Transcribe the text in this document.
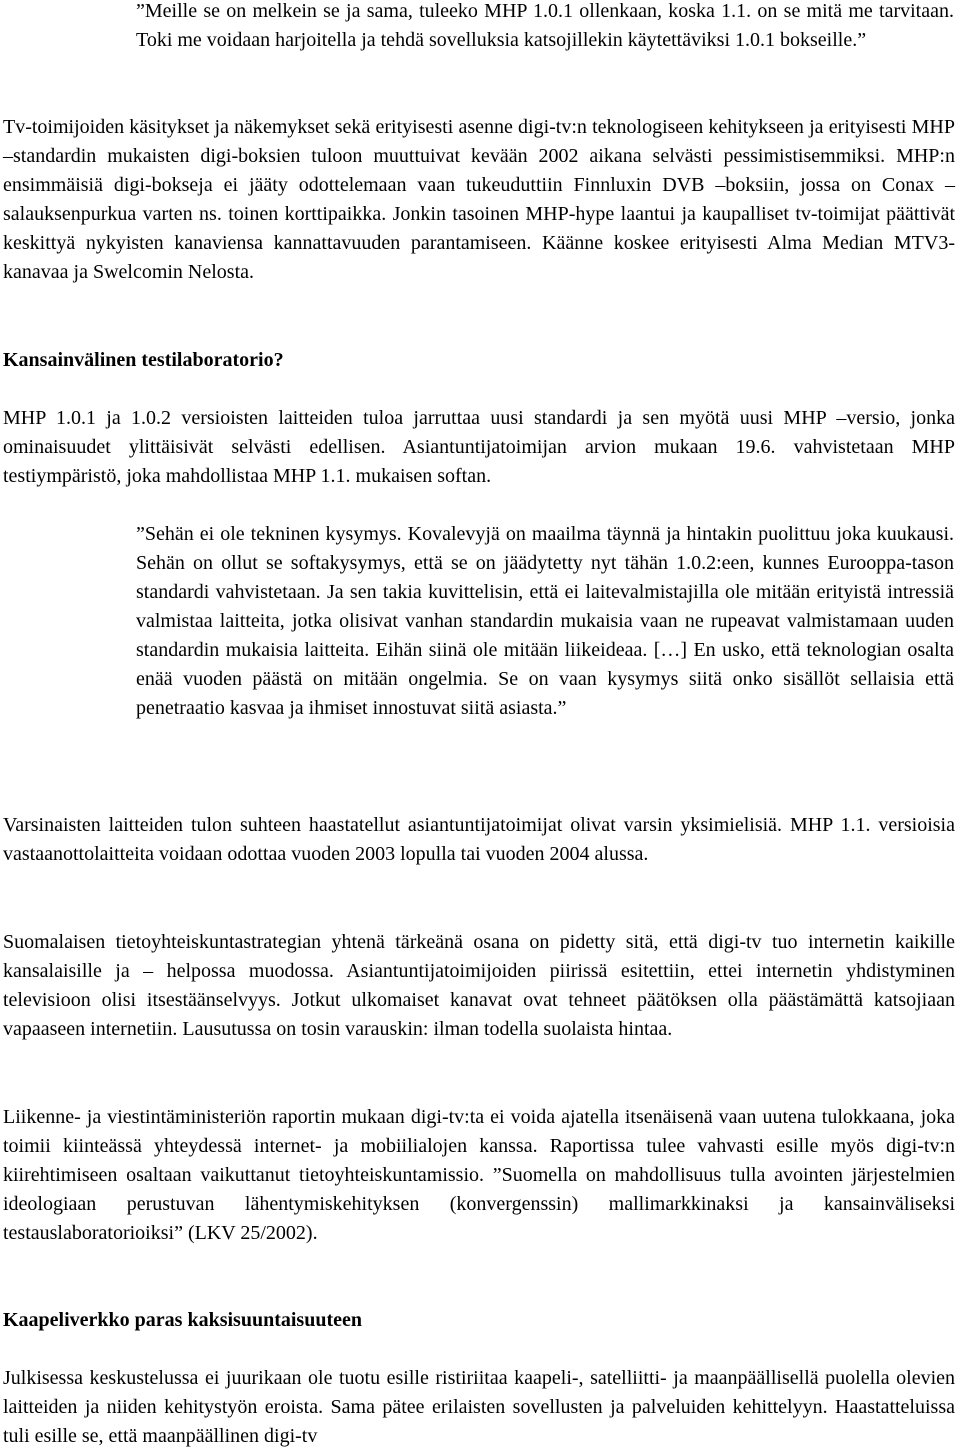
”Meille se on melkein se ja sama, tuleeko MHP 1.0.1 ollenkaan, koska 1.1. on se mitä me tarvitaan. Toki me voidaan harjoitella ja tehdä sovelluksia katsojillekin käytettäviksi 1.0.1 bokseille.”

Tv-toimijoiden käsitykset ja näkemykset sekä erityisesti asenne digi-tv:n teknologiseen kehitykseen ja erityisesti MHP –standardin mukaisten digi-boksien tuloon muuttuivat kevään 2002 aikana selvästi pessimistisemmiksi. MHP:n ensimmäisiä digi-bokseja ei jääty odottelemaan vaan tukeuduttiin Finnluxin DVB –boksiin, jossa on Conax –salauksenpurkua varten ns. toinen korttipaikka. Jonkin tasoinen MHP-hype laantui ja kaupalliset tv-toimijat päättivät keskittyä nykyisten kanaviensa kannattavuuden parantamiseen. Käänne koskee erityisesti Alma Median MTV3- kanavaa ja Swelcomin Nelosta.

Kansainvälinen testilaboratorio?

MHP 1.0.1 ja 1.0.2 versioisten laitteiden tuloa jarruttaa uusi standardi ja sen myötä uusi MHP –versio, jonka ominaisuudet ylittäisivät selvästi edellisen. Asiantuntijatoimijan arvion mukaan 19.6. vahvistetaan MHP testiympäristö, joka mahdollistaa MHP 1.1. mukaisen softan.

”Sehän ei ole tekninen kysymys. Kovalevyjä on maailma täynnä ja hintakin puolittuu joka kuukausi. Sehän on ollut se softakysymys, että se on jäädytetty nyt tähän 1.0.2:een, kunnes Eurooppa-tason standardi vahvistetaan. Ja sen takia kuvittelisin, että ei laitevalmistajilla ole mitään erityistä intressiä valmistaa laitteita, jotka olisivat vanhan standardin mukaisia vaan ne rupeavat valmistamaan uuden standardin mukaisia laitteita. Eihän siinä ole mitään liikeideaa. […] En usko, että teknologian osalta enää vuoden päästä on mitään ongelmia. Se on vaan kysymys siitä onko sisällöt sellaisia että penetraatio kasvaa ja ihmiset innostuvat siitä asiasta.”

Varsinaisten laitteiden tulon suhteen haastatellut asiantuntijatoimijat olivat varsin yksimielisiä. MHP 1.1. versioisia vastaanottolaitteita voidaan odottaa vuoden 2003 lopulla tai vuoden 2004 alussa.

Suomalaisen tietoyhteiskuntastrategian yhtenä tärkeänä osana on pidetty sitä, että digi-tv tuo internetin kaikille kansalaisille ja – helpossa muodossa. Asiantuntijatoimijoiden piirissä esitettiin, ettei internetin yhdistyminen televisioon olisi itsestäänselvyys. Jotkut ulkomaiset kanavat ovat tehneet päätöksen olla päästämättä katsojiaan vapaaseen internetiin. Lausutussa on tosin varauskin: ilman todella suolaista hintaa.

Liikenne- ja viestintäministeriön raportin mukaan digi-tv:ta ei voida ajatella itsenäisenä vaan uutena tulokkaana, joka toimii kiinteässä yhteydessä internet- ja mobiilialojen kanssa. Raportissa tulee vahvasti esille myös digi-tv:n kiirehtimiseen osaltaan vaikuttanut tietoyhteiskuntamissio. ”Suomella on mahdollisuus tulla avointen järjestelmien ideologiaan perustuvan lähentymiskehityksen (konvergenssin) mallimarkkinaksi ja kansainväliseksi testauslaboratorioiksi” (LKV 25/2002).

Kaapeliverkko paras kaksisuuntaisuuteen

Julkisessa keskustelussa ei juurikaan ole tuotu esille ristiriitaa kaapeli-, satelliitti- ja maanpäällisellä puolella olevien laitteiden ja niiden kehitystyön eroista. Sama pätee erilaisten sovellusten ja palveluiden kehittelyyn. Haastatteluissa tuli esille se, että maanpäällinen digi-tv
